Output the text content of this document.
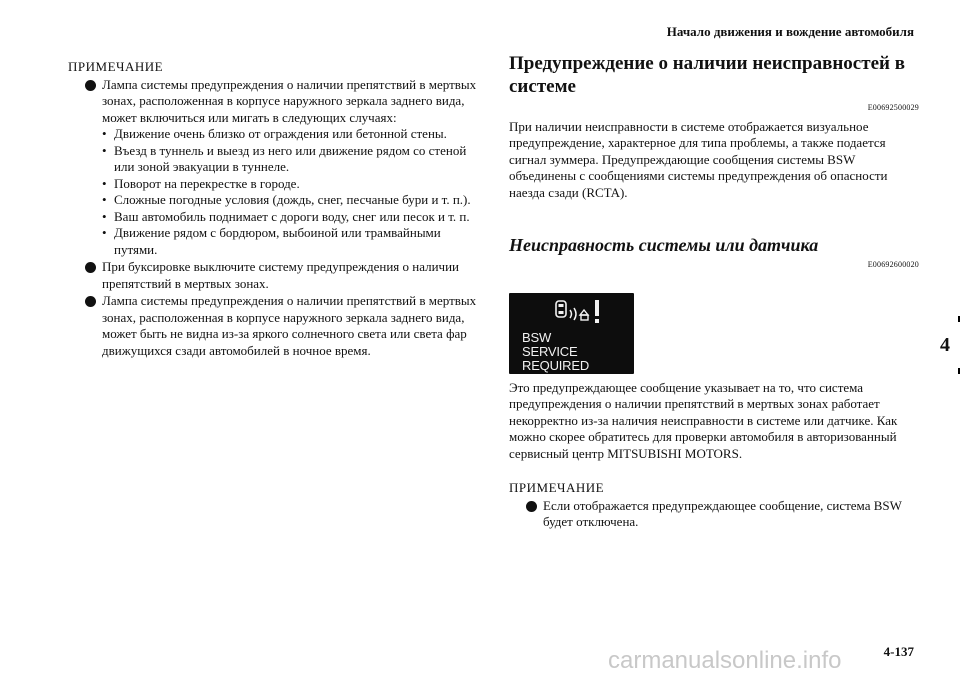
Начало движения и вождение автомобиля
4
ПРИМЕЧАНИЕ
Лампа системы предупреждения о наличии препятствий в мертвых зонах, расположенная в корпусе наружного зеркала заднего вида, может включиться или мигать в следующих случаях:
• Движение очень близко от ограждения или бетонной стены.
• Въезд в туннель и выезд из него или движение рядом со стеной или зоной эвакуации в туннеле.
• Поворот на перекрестке в городе.
• Сложные погодные условия (дождь, снег, песчаные бури и т. п.).
• Ваш автомобиль поднимает с дороги воду, снег или песок и т. п.
• Движение рядом с бордюром, выбоиной или трамвайными путями.
При буксировке выключите систему предупреждения о наличии препятствий в мертвых зонах.
Лампа системы предупреждения о наличии препятствий в мертвых зонах, расположенная в корпусе наружного зеркала заднего вида, может быть не видна из-за яркого солнечного света или света фар движущихся сзади автомобилей в ночное время.
Предупреждение о наличии неисправностей в системе
E00692500029

При наличии неисправности в системе отображается визуальное предупреждение, характерное для типа проблемы, а также подается сигнал зуммера. Предупреждающие сообщения системы BSW объединены с сообщениями системы предупреждения об опасности наезда сзади (RCTA).

Неисправность системы или датчика
E00692600020
BSW
SERVICE REQUIRED

Это предупреждающее сообщение указывает на то, что система предупреждения о наличии препятствий в мертвых зонах работает некорректно из-за наличия неисправности в системе или датчике. Как можно скорее обратитесь для проверки автомобиля в авторизованный сервисный центр MITSUBISHI MOTORS.

ПРИМЕЧАНИЕ
Если отображается предупреждающее сообщение, система BSW будет отключена.
4-137
carmanualsonline.info
